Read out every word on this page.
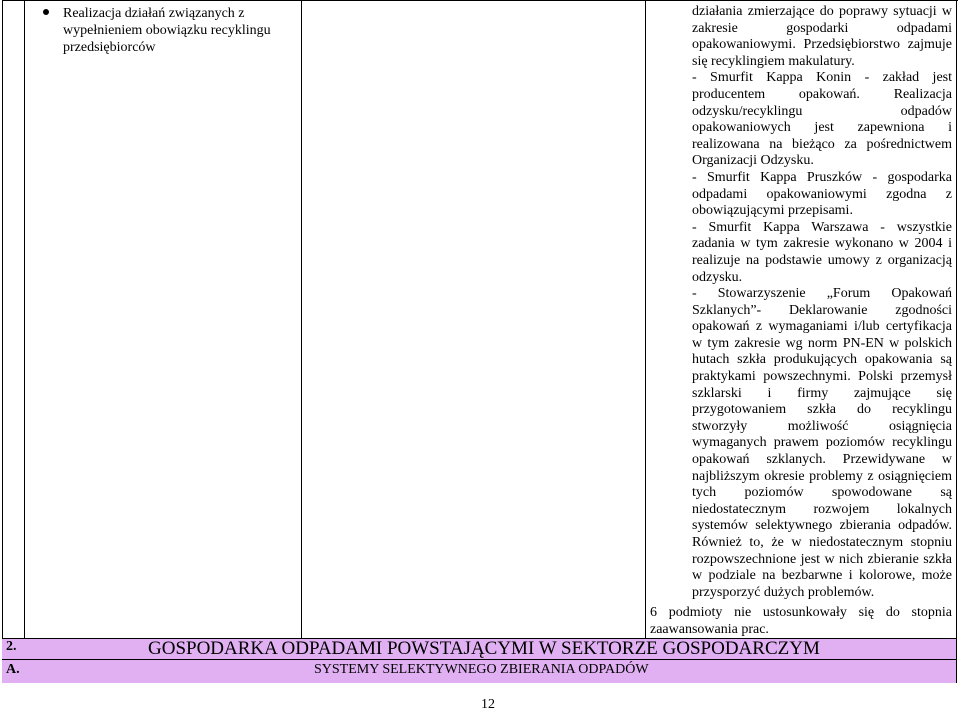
Realizacja działań związanych z wypełnieniem obowiązku recyklingu przedsiębiorców

działania zmierzające do poprawy sytuacji w zakresie gospodarki odpadami opakowaniowymi. Przedsiębiorstwo zajmuje się recyklingiem makulatury.

- Smurfit Kappa Konin - zakład jest producentem opakowań. Realizacja odzysku/recyklingu odpadów opakowaniowych jest zapewniona i realizowana na bieżąco za pośrednictwem Organizacji Odzysku.

- Smurfit Kappa Pruszków - gospodarka odpadami opakowaniowymi zgodna z obowiązującymi przepisami.

- Smurfit Kappa Warszawa - wszystkie zadania w tym zakresie wykonano w 2004 i realizuje na podstawie umowy z organizacją odzysku.

- Stowarzyszenie „Forum Opakowań Szklanych”- Deklarowanie zgodności opakowań z wymaganiami i/lub certyfikacja w tym zakresie wg norm PN-EN w polskich hutach szkła produkujących opakowania są praktykami powszechnymi. Polski przemysł szklarski i firmy zajmujące się przygotowaniem szkła do recyklingu stworzyły możliwość osiągnięcia wymaganych prawem poziomów recyklingu opakowań szklanych. Przewidywane w najbliższym okresie problemy z osiągnięciem tych poziomów spowodowane są niedostatecznym rozwojem lokalnych systemów selektywnego zbierania odpadów. Również to, że w niedostatecznym stopniu rozpowszechnione jest w nich zbieranie szkła w podziale na bezbarwne i kolorowe, może przysporzyć dużych problemów.

6 podmioty nie ustosunkowały się do stopnia zaawansowania prac.
2.	GOSPODARKA ODPADAMI POWSTAJĄCYMI W SEKTORZE GOSPODARCZYM
A.	SYSTEMY SELEKTYWNEGO ZBIERANIA ODPADÓW
12
